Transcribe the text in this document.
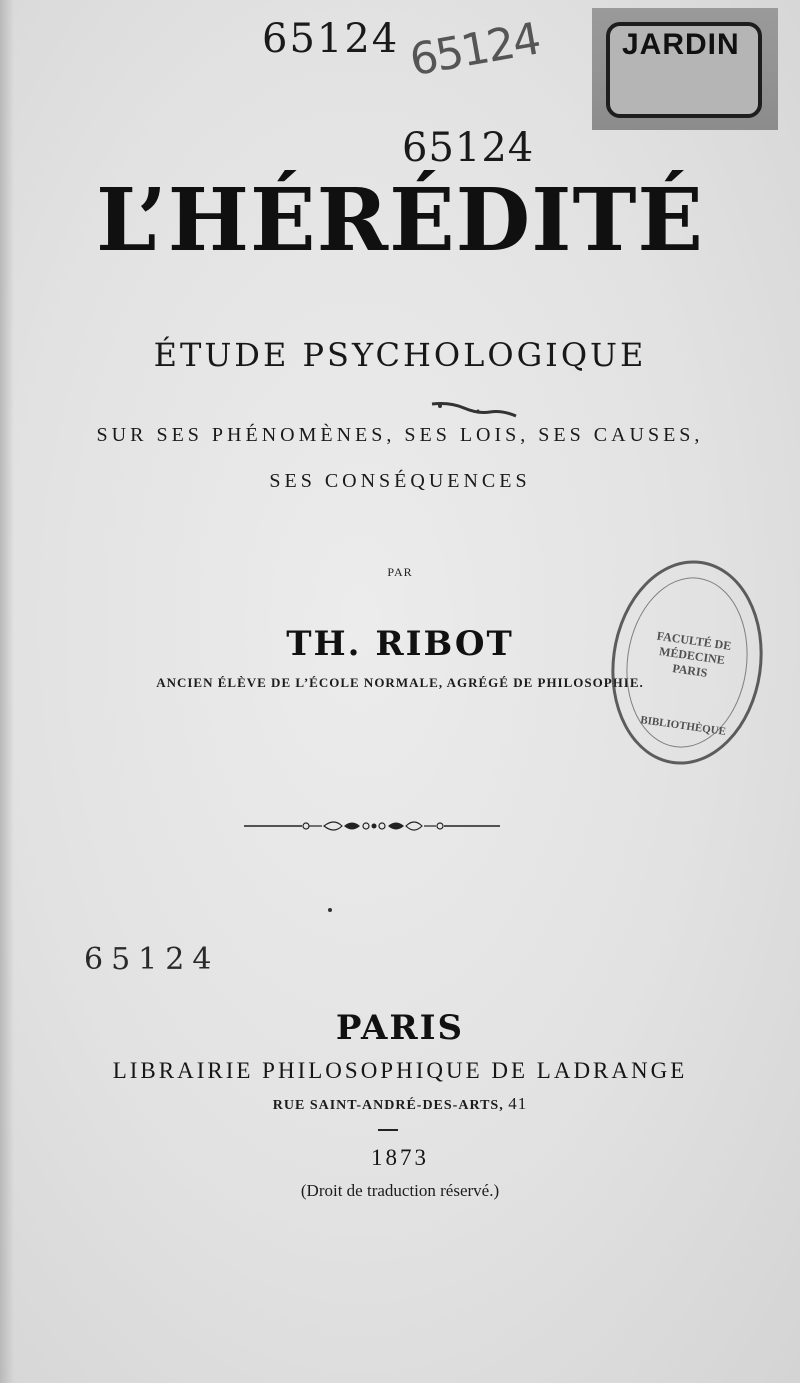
65124 65124
65124
JARDIN
L’HÉRÉDITÉ
ÉTUDE PSYCHOLOGIQUE
SUR SES PHÉNOMÈNES, SES LOIS, SES CAUSES,
SES CONSÉQUENCES
PAR
TH. RIBOT
ANCIEN ÉLÈVE DE L’ÉCOLE NORMALE, AGRÉGÉ DE PHILOSOPHIE.
FACULTÉ DE MÉDECINE PARIS
BIBLIOTHÈQUE
65124
PARIS
LIBRAIRIE PHILOSOPHIQUE DE LADRANGE
RUE SAINT-ANDRÉ-DES-ARTS, 41
1873
(Droit de traduction réservé.)
